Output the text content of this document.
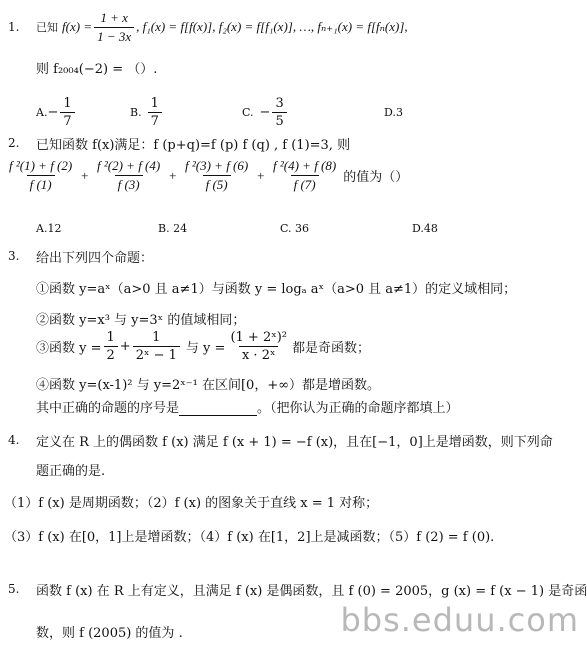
1. 已知 $f(x) = \frac{1 + x}{1 - 3x}$ , f₁(x) = f[f(x)], f₂(x) = f[f₁(x)], …, fₙ₊₁(x) = f[fₙ(x)],
则 f₂₀₀₄(−2) = （）.
A. − $\frac{1}{7}$	B. $\frac{1}{7}$	C. − $\frac{3}{5}$	D.3
2. 已知函数 f(x)满足：f (p+q)=f (p) f (q) , f (1)=3, 则
$\frac{\text{f ²(1) + f (2)}}{f (1)} + \frac{\text{f ²(2) + f (4)}}{f (3)} + \frac{\text{f ²(3) + f (6)}}{f (5)} + \frac{\text{f ²(4) + f (8)}}{f (7)}$ 的值为（）
A.12	B. 24	C. 36	D.48
3. 给出下列四个命题：
①函数 y=aˣ（a>0 且 a≠1）与函数 y = logₐ aˣ（a>0 且 a≠1）的定义域相同；
②函数 y=x³ 与 y=3ˣ 的值域相同；
③函数 $y = \frac{1}{2} + \frac{1}{\text{2ˣ − 1}}$ 与 $y = \frac{\text{(1 + 2ˣ)²}}{\text{x · 2ˣ}}$ 都是奇函数；
④函数 y=(x-1)² 与 y=2ˣ⁻¹ 在区间[0，+∞）都是增函数。
其中正确的命题的序号是	。（把你认为正确的命题序都填上）
4. 定义在 R 上的偶函数 f (x) 满足 f (x + 1) = −f (x)，且在[−1，0]上是增函数，则下列命
题正确的是.
（1）f (x) 是周期函数；（2）f (x) 的图象关于直线 x = 1 对称；
（3）f (x) 在[0，1]上是增函数；（4）f (x) 在[1，2]上是减函数；（5）f (2) = f (0).
5. 函数 f (x) 在 R 上有定义，且满足 f (x) 是偶函数，且 f (0) = 2005，g (x) = f (x − 1) 是奇函
数，则 f (2005) 的值为 .	bbs.eduu.com
